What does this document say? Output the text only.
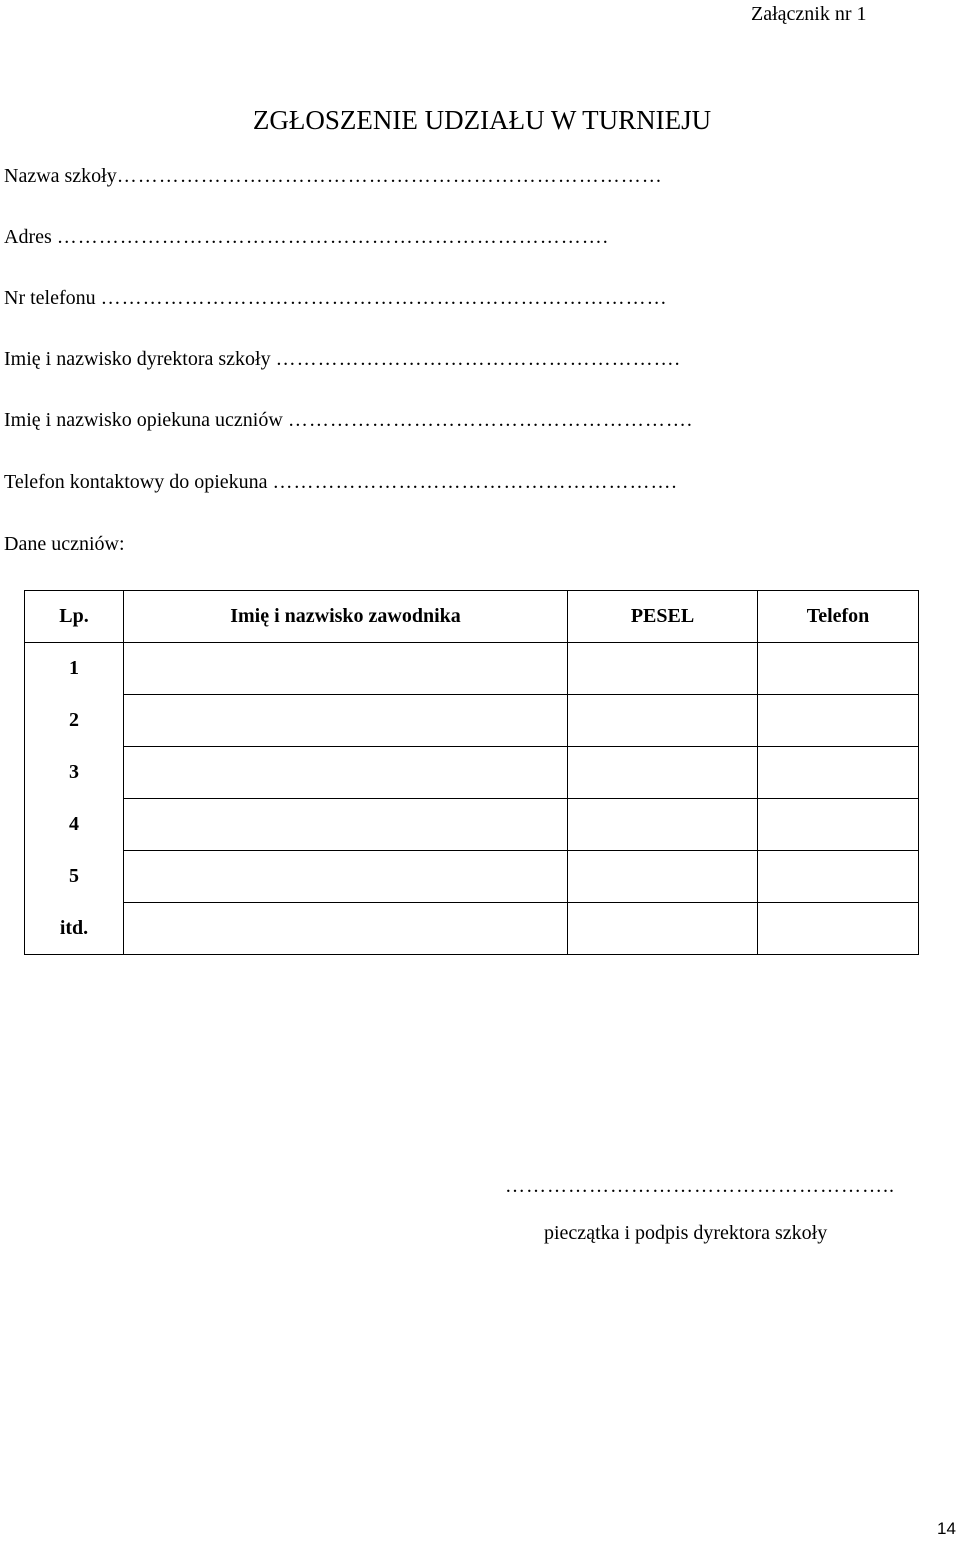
Załącznik nr 1
ZGŁOSZENIE UDZIAŁU W TURNIEJU
Nazwa szkoły……………………………………………………………………
Adres …………………………………………………………………….
Nr telefonu ………………………………………………………………………
Imię i nazwisko dyrektora szkoły ………………………………………………….
Imię i nazwisko opiekuna uczniów ………………………………………………….
Telefon kontaktowy do opiekuna ………………………………………………….
Dane uczniów:
Lp.	Imię i nazwisko zawodnika	PESEL	Telefon
1			
2			
3			
4			
5			
itd.			
………………………………………………..
pieczątka i podpis dyrektora szkoły
14
